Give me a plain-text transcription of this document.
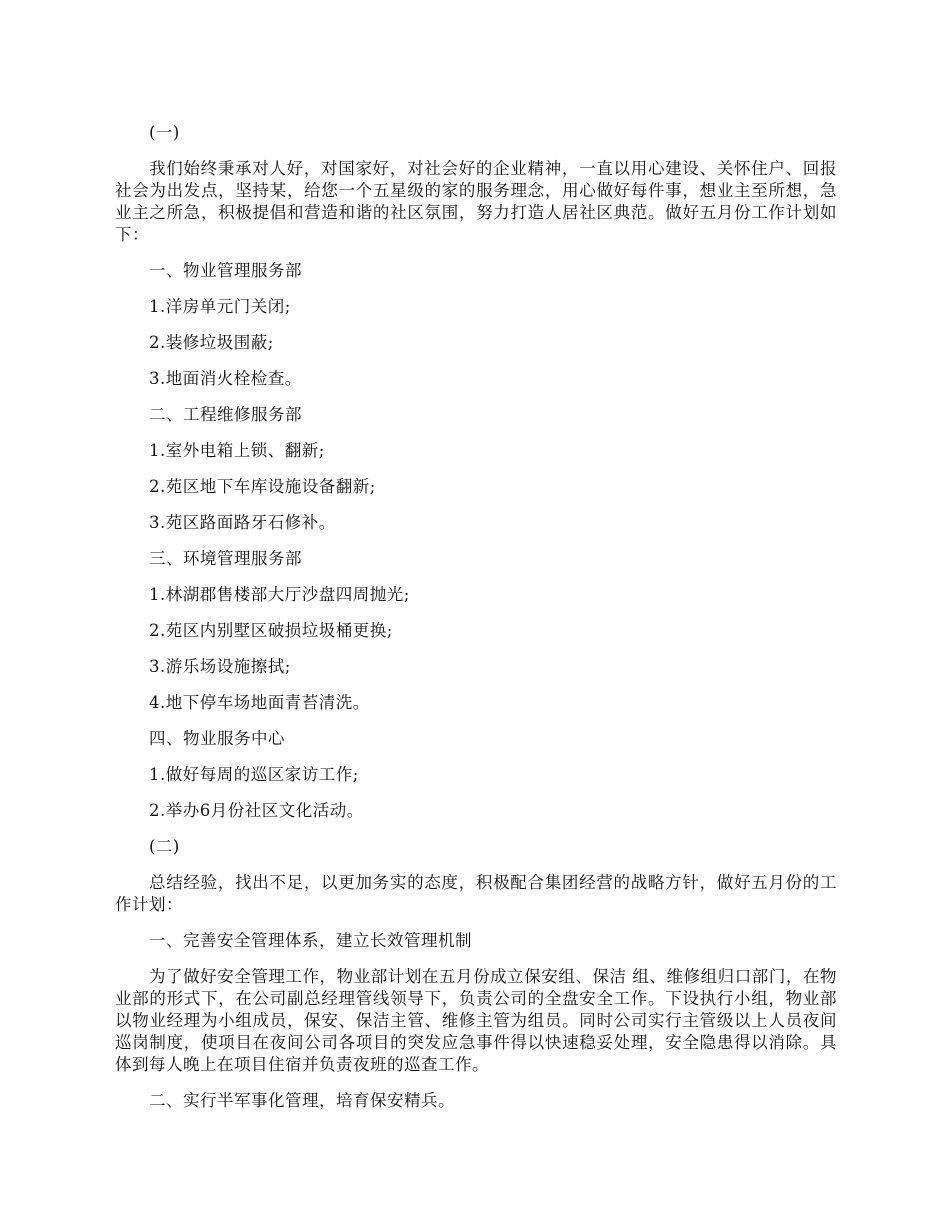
(一)

我们始终秉承对人好，对国家好，对社会好的企业精神，一直以用心建设、关怀住户、回报社会为出发点，坚持某，给您一个五星级的家的服务理念，用心做好每件事，想业主至所想，急业主之所急，积极提倡和营造和谐的社区氛围，努力打造人居社区典范。做好五月份工作计划如下：

一、物业管理服务部

1.洋房单元门关闭;

2.装修垃圾围蔽;

3.地面消火栓检查。

二、工程维修服务部

1.室外电箱上锁、翻新;

2.苑区地下车库设施设备翻新;

3.苑区路面路牙石修补。

三、环境管理服务部

1.林湖郡售楼部大厅沙盘四周抛光;

2.苑区内别墅区破损垃圾桶更换;

3.游乐场设施擦拭;

4.地下停车场地面青苔清洗。

四、物业服务中心

1.做好每周的巡区家访工作;

2.举办6月份社区文化活动。

(二)

总结经验，找出不足，以更加务实的态度，积极配合集团经营的战略方针，做好五月份的工作计划：

一、完善安全管理体系，建立长效管理机制

为了做好安全管理工作，物业部计划在五月份成立保安组、保洁 组、维修组归口部门，在物业部的形式下，在公司副总经理管线领导下，负责公司的全盘安全工作。下设执行小组，物业部以物业经理为小组成员，保安、保洁主管、维修主管为组员。同时公司实行主管级以上人员夜间巡岗制度，使项目在夜间公司各项目的突发应急事件得以快速稳妥处理，安全隐患得以消除。具体到每人晚上在项目住宿并负责夜班的巡查工作。

二、实行半军事化管理，培育保安精兵。
